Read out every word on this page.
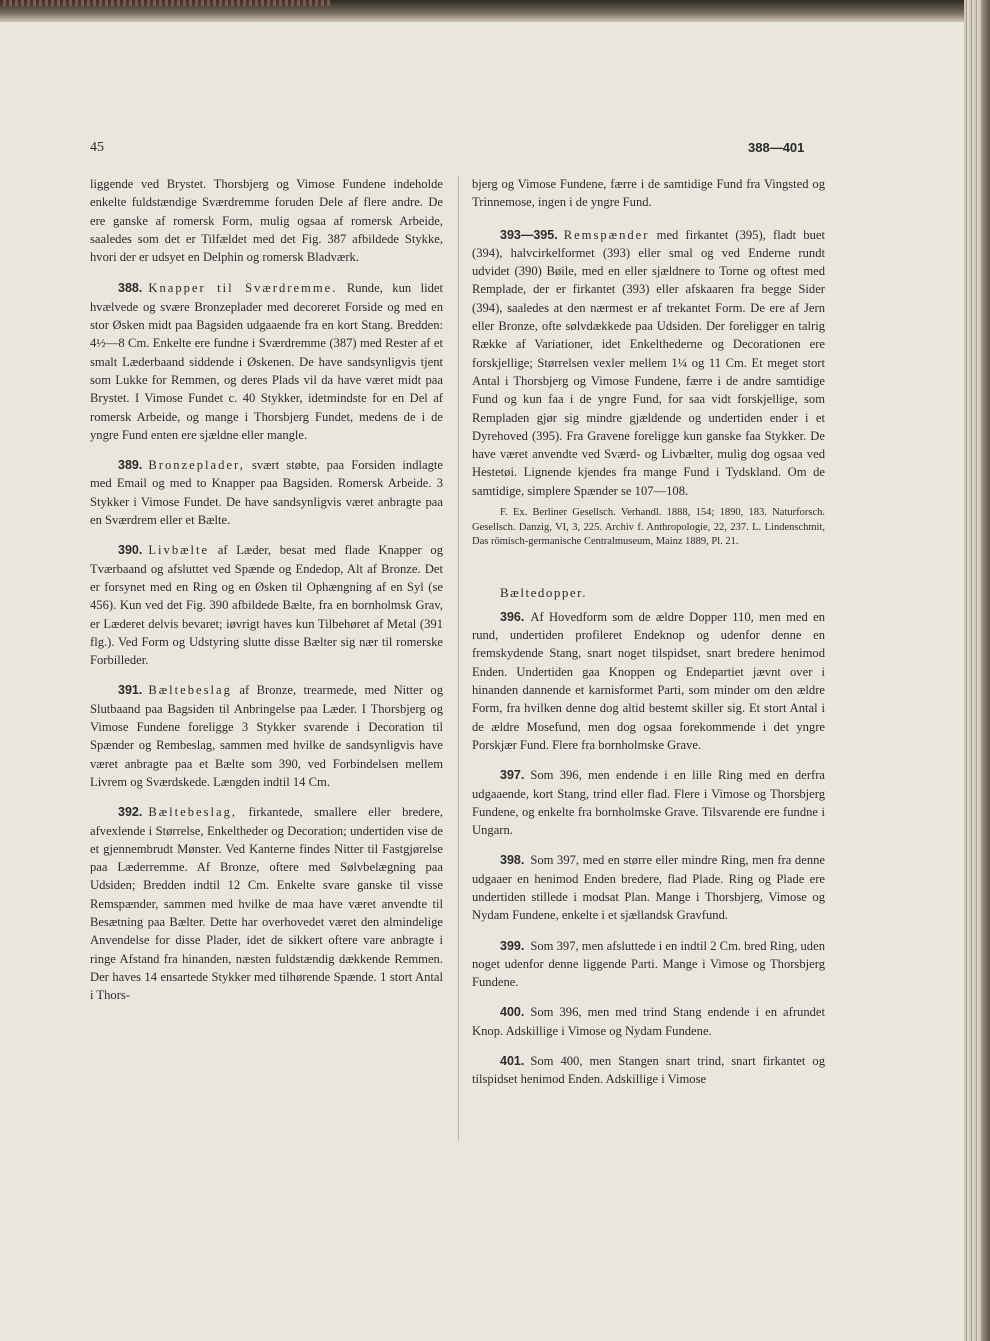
45	388—401

liggende ved Brystet. Thorsbjerg og Vimose Fundene indeholde enkelte fuldstændige Sværdremme foruden Dele af flere andre. De ere ganske af romersk Form, mulig ogsaa af romersk Arbeide, saaledes som det er Tilfældet med det Fig. 387 afbildede Stykke, hvori der er udsyet en Delphin og romersk Bladværk.

388. Knapper til Sværdremme. Runde, kun lidet hvælvede og svære Bronzeplader med decoreret Forside og med en stor Øsken midt paa Bagsiden udgaaende fra en kort Stang. Bredden: 4½—8 Cm. Enkelte ere fundne i Sværdremme (387) med Rester af et smalt Læderbaand siddende i Øskenen. De have sandsynligvis tjent som Lukke for Remmen, og deres Plads vil da have været midt paa Brystet. I Vimose Fundet c. 40 Stykker, idetmindste for en Del af romersk Arbeide, og mange i Thorsbjerg Fundet, medens de i de yngre Fund enten ere sjældne eller mangle.

389. Bronzeplader, svært støbte, paa Forsiden indlagte med Email og med to Knapper paa Bagsiden. Romersk Arbeide. 3 Stykker i Vimose Fundet. De have sandsynligvis været anbragte paa en Sværdrem eller et Bælte.

390. Livbælte af Læder, besat med flade Knapper og Tværbaand og afsluttet ved Spænde og Endedop, Alt af Bronze. Det er forsynet med en Ring og en Øsken til Ophængning af en Syl (se 456). Kun ved det Fig. 390 afbildede Bælte, fra en bornholmsk Grav, er Læderet delvis bevaret; iøvrigt haves kun Tilbehøret af Metal (391 flg.). Ved Form og Udstyring slutte disse Bælter sig nær til romerske Forbilleder.

391. Bæltebeslag af Bronze, trearmede, med Nitter og Slutbaand paa Bagsiden til Anbringelse paa Læder. I Thorsbjerg og Vimose Fundene foreligge 3 Stykker svarende i Decoration til Spænder og Rembeslag, sammen med hvilke de sandsynligvis have været anbragte paa et Bælte som 390, ved Forbindelsen mellem Livrem og Sværdskede. Længden indtil 14 Cm.

392. Bæltebeslag, firkantede, smallere eller bredere, afvexlende i Størrelse, Enkeltheder og Decoration; undertiden vise de et gjennembrudt Mønster. Ved Kanterne findes Nitter til Fastgjørelse paa Læderremme. Af Bronze, oftere med Sølvbelægning paa Udsiden; Bredden indtil 12 Cm. Enkelte svare ganske til visse Remspænder, sammen med hvilke de maa have været anvendte til Besætning paa Bælter. Dette har overhovedet været den almindelige Anvendelse for disse Plader, idet de sikkert oftere vare anbragte i ringe Afstand fra hinanden, næsten fuldstændig dækkende Remmen. Der haves 14 ensartede Stykker med tilhørende Spænde. 1 stort Antal i Thors-

bjerg og Vimose Fundene, færre i de samtidige Fund fra Vingsted og Trinnemose, ingen i de yngre Fund.

393—395. Remspænder med firkantet (395), fladt buet (394), halvcirkelformet (393) eller smal og ved Enderne rundt udvidet (390) Bøile, med en eller sjældnere to Torne og oftest med Remplade, der er firkantet (393) eller afskaaren fra begge Sider (394), saaledes at den nærmest er af trekantet Form. De ere af Jern eller Bronze, ofte sølvdækkede paa Udsiden. Der foreligger en talrig Række af Variationer, idet Enkelthederne og Decorationen ere forskjellige; Størrelsen vexler mellem 1¼ og 11 Cm. Et meget stort Antal i Thorsbjerg og Vimose Fundene, færre i de andre samtidige Fund og kun faa i de yngre Fund, for saa vidt forskjellige, som Rempladen gjør sig mindre gjældende og undertiden ender i et Dyrehoved (395). Fra Gravene foreligge kun ganske faa Stykker. De have været anvendte ved Sværd- og Livbælter, mulig dog ogsaa ved Hestetøi. Lignende kjendes fra mange Fund i Tydskland. Om de samtidige, simplere Spænder se 107—108.

F. Ex. Berliner Gesellsch. Verhandl. 1888, 154; 1890, 183. Naturforsch. Gesellsch. Danzig, VI, 3, 225. Archiv f. Anthropologie, 22, 237. L. Lindenschmit, Das römisch-germanische Centralmuseum, Mainz 1889, Pl. 21.

Bæltedopper.

396. Af Hovedform som de ældre Dopper 110, men med en rund, undertiden profileret Endeknop og udenfor denne en fremskydende Stang, snart noget tilspidset, snart bredere henimod Enden. Undertiden gaa Knoppen og Endepartiet jævnt over i hinanden dannende et karnisformet Parti, som minder om den ældre Form, fra hvilken denne dog altid bestemt skiller sig. Et stort Antal i de ældre Mosefund, men dog ogsaa forekommende i det yngre Porskjær Fund. Flere fra bornholmske Grave.

397. Som 396, men endende i en lille Ring med en derfra udgaaende, kort Stang, trind eller flad. Flere i Vimose og Thorsbjerg Fundene, og enkelte fra bornholmske Grave. Tilsvarende ere fundne i Ungarn.

398. Som 397, med en større eller mindre Ring, men fra denne udgaaer en henimod Enden bredere, flad Plade. Ring og Plade ere undertiden stillede i modsat Plan. Mange i Thorsbjerg, Vimose og Nydam Fundene, enkelte i et sjællandsk Gravfund.

399. Som 397, men afsluttede i en indtil 2 Cm. bred Ring, uden noget udenfor denne liggende Parti. Mange i Vimose og Thorsbjerg Fundene.

400. Som 396, men med trind Stang endende i en afrundet Knop. Adskillige i Vimose og Nydam Fundene.

401. Som 400, men Stangen snart trind, snart firkantet og tilspidset henimod Enden. Adskillige i Vimose
